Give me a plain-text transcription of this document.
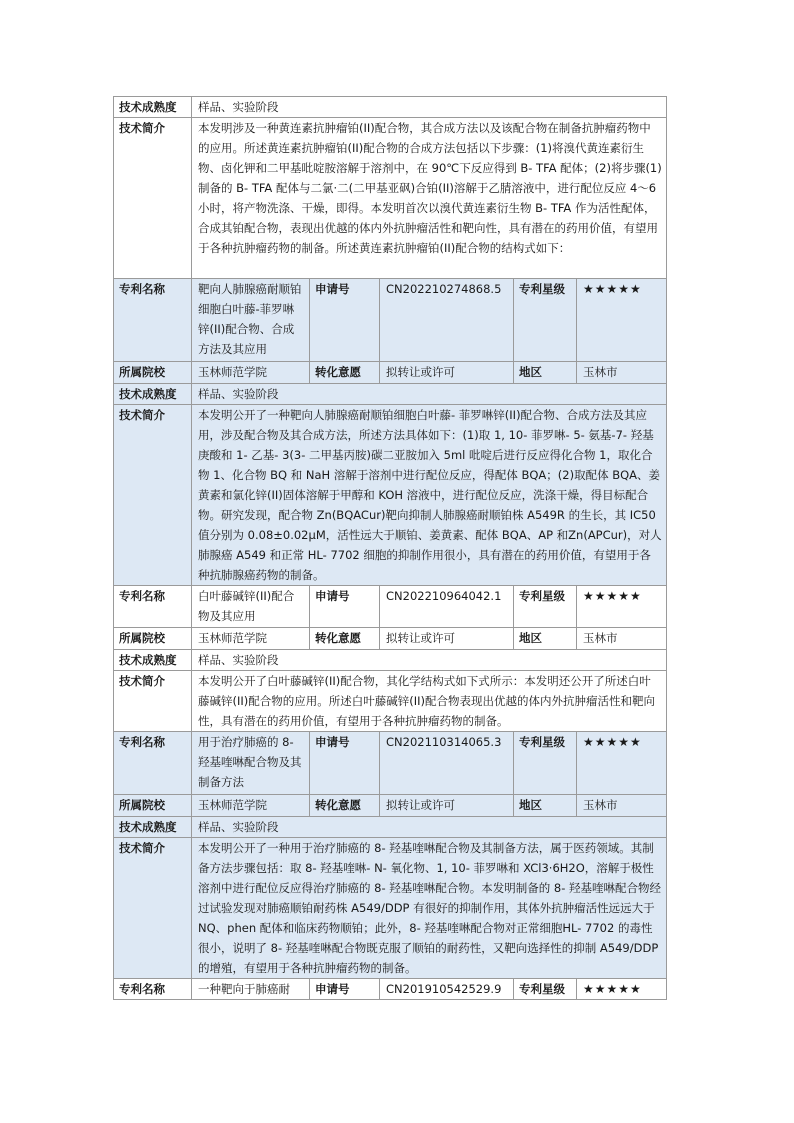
技术成熟度	样品、实验阶段				
技术简介	本发明涉及一种黄连素抗肿瘤铂(II)配合物，其合成方法以及该配合物在制备抗肿瘤药物中的应用。所述黄连素抗肿瘤铂(II)配合物的合成方法包括以下步骤：(1)将溴代黄连素衍生物、卤化钾和二甲基吡啶胺溶解于溶剂中，在 90℃下反应得到 B- TFA 配体；(2)将步骤(1)制备的 B- TFA 配体与二氯·二(二甲基亚砜)合铂(II)溶解于乙腈溶液中，进行配位反应 4～6 小时，将产物洗涤、干燥，即得。本发明首次以溴代黄连素衍生物 B- TFA 作为活性配体，合成其铂配合物，表现出优越的体内外抗肿瘤活性和靶向性，具有潜在的药用价值，有望用于各种抗肿瘤药物的制备。所述黄连素抗肿瘤铂(II)配合物的结构式如下：				
专利名称	靶向人肺腺癌耐顺铂细胞白叶藤-菲罗啉锌(II)配合物、合成方法及其应用	申请号	CN202210274868.5	专利星级	★★★★★
所属院校	玉林师范学院	转化意愿	拟转让或许可	地区	玉林市
技术成熟度	样品、实验阶段				
技术简介	本发明公开了一种靶向人肺腺癌耐顺铂细胞白叶藤- 菲罗啉锌(II)配合物、合成方法及其应用，涉及配合物及其合成方法，所述方法具体如下：(1)取 1, 10- 菲罗啉- 5- 氨基-7- 羟基庚酸和 1- 乙基- 3(3- 二甲基丙胺)碳二亚胺加入 5ml 吡啶后进行反应得化合物 1，取化合物 1、化合物 BQ 和 NaH 溶解于溶剂中进行配位反应，得配体 BQA；(2)取配体 BQA、姜黄素和氯化锌(II)固体溶解于甲醇和 KOH 溶液中，进行配位反应，洗涤干燥，得目标配合物。研究发现，配合物 Zn(BQACur)靶向抑制人肺腺癌耐顺铂株 A549R 的生长，其 IC50 值分别为 0.08±0.02μM，活性远大于顺铂、姜黄素、配体 BQA、AP 和Zn(APCur)，对人肺腺癌 A549 和正常 HL- 7702 细胞的抑制作用很小，具有潜在的药用价值，有望用于各种抗肺腺癌药物的制备。				
专利名称	白叶藤碱锌(II)配合物及其应用	申请号	CN202210964042.1	专利星级	★★★★★
所属院校	玉林师范学院	转化意愿	拟转让或许可	地区	玉林市
技术成熟度	样品、实验阶段				
技术简介	本发明公开了白叶藤碱锌(II)配合物，其化学结构式如下式所示：本发明还公开了所述白叶藤碱锌(II)配合物的应用。所述白叶藤碱锌(II)配合物表现出优越的体内外抗肿瘤活性和靶向性，具有潜在的药用价值，有望用于各种抗肿瘤药物的制备。				
专利名称	用于治疗肺癌的 8- 羟基喹啉配合物及其制备方法	申请号	CN202110314065.3	专利星级	★★★★★
所属院校	玉林师范学院	转化意愿	拟转让或许可	地区	玉林市
技术成熟度	样品、实验阶段				
技术简介	本发明公开了一种用于治疗肺癌的 8- 羟基喹啉配合物及其制备方法，属于医药领域。其制备方法步骤包括：取 8- 羟基喹啉- N- 氧化物、1, 10- 菲罗啉和 XCl3·6H2O，溶解于极性溶剂中进行配位反应得治疗肺癌的 8- 羟基喹啉配合物。本发明制备的 8- 羟基喹啉配合物经过试验发现对肺癌顺铂耐药株 A549/DDP 有很好的抑制作用，其体外抗肿瘤活性远远大于 NQ、phen 配体和临床药物顺铂；此外，8- 羟基喹啉配合物对正常细胞HL- 7702 的毒性很小，说明了 8- 羟基喹啉配合物既克服了顺铂的耐药性，又靶向选择性的抑制 A549/DDP 的增殖，有望用于各种抗肿瘤药物的制备。				
专利名称	一种靶向于肺癌耐	申请号	CN201910542529.9	专利星级	★★★★★
